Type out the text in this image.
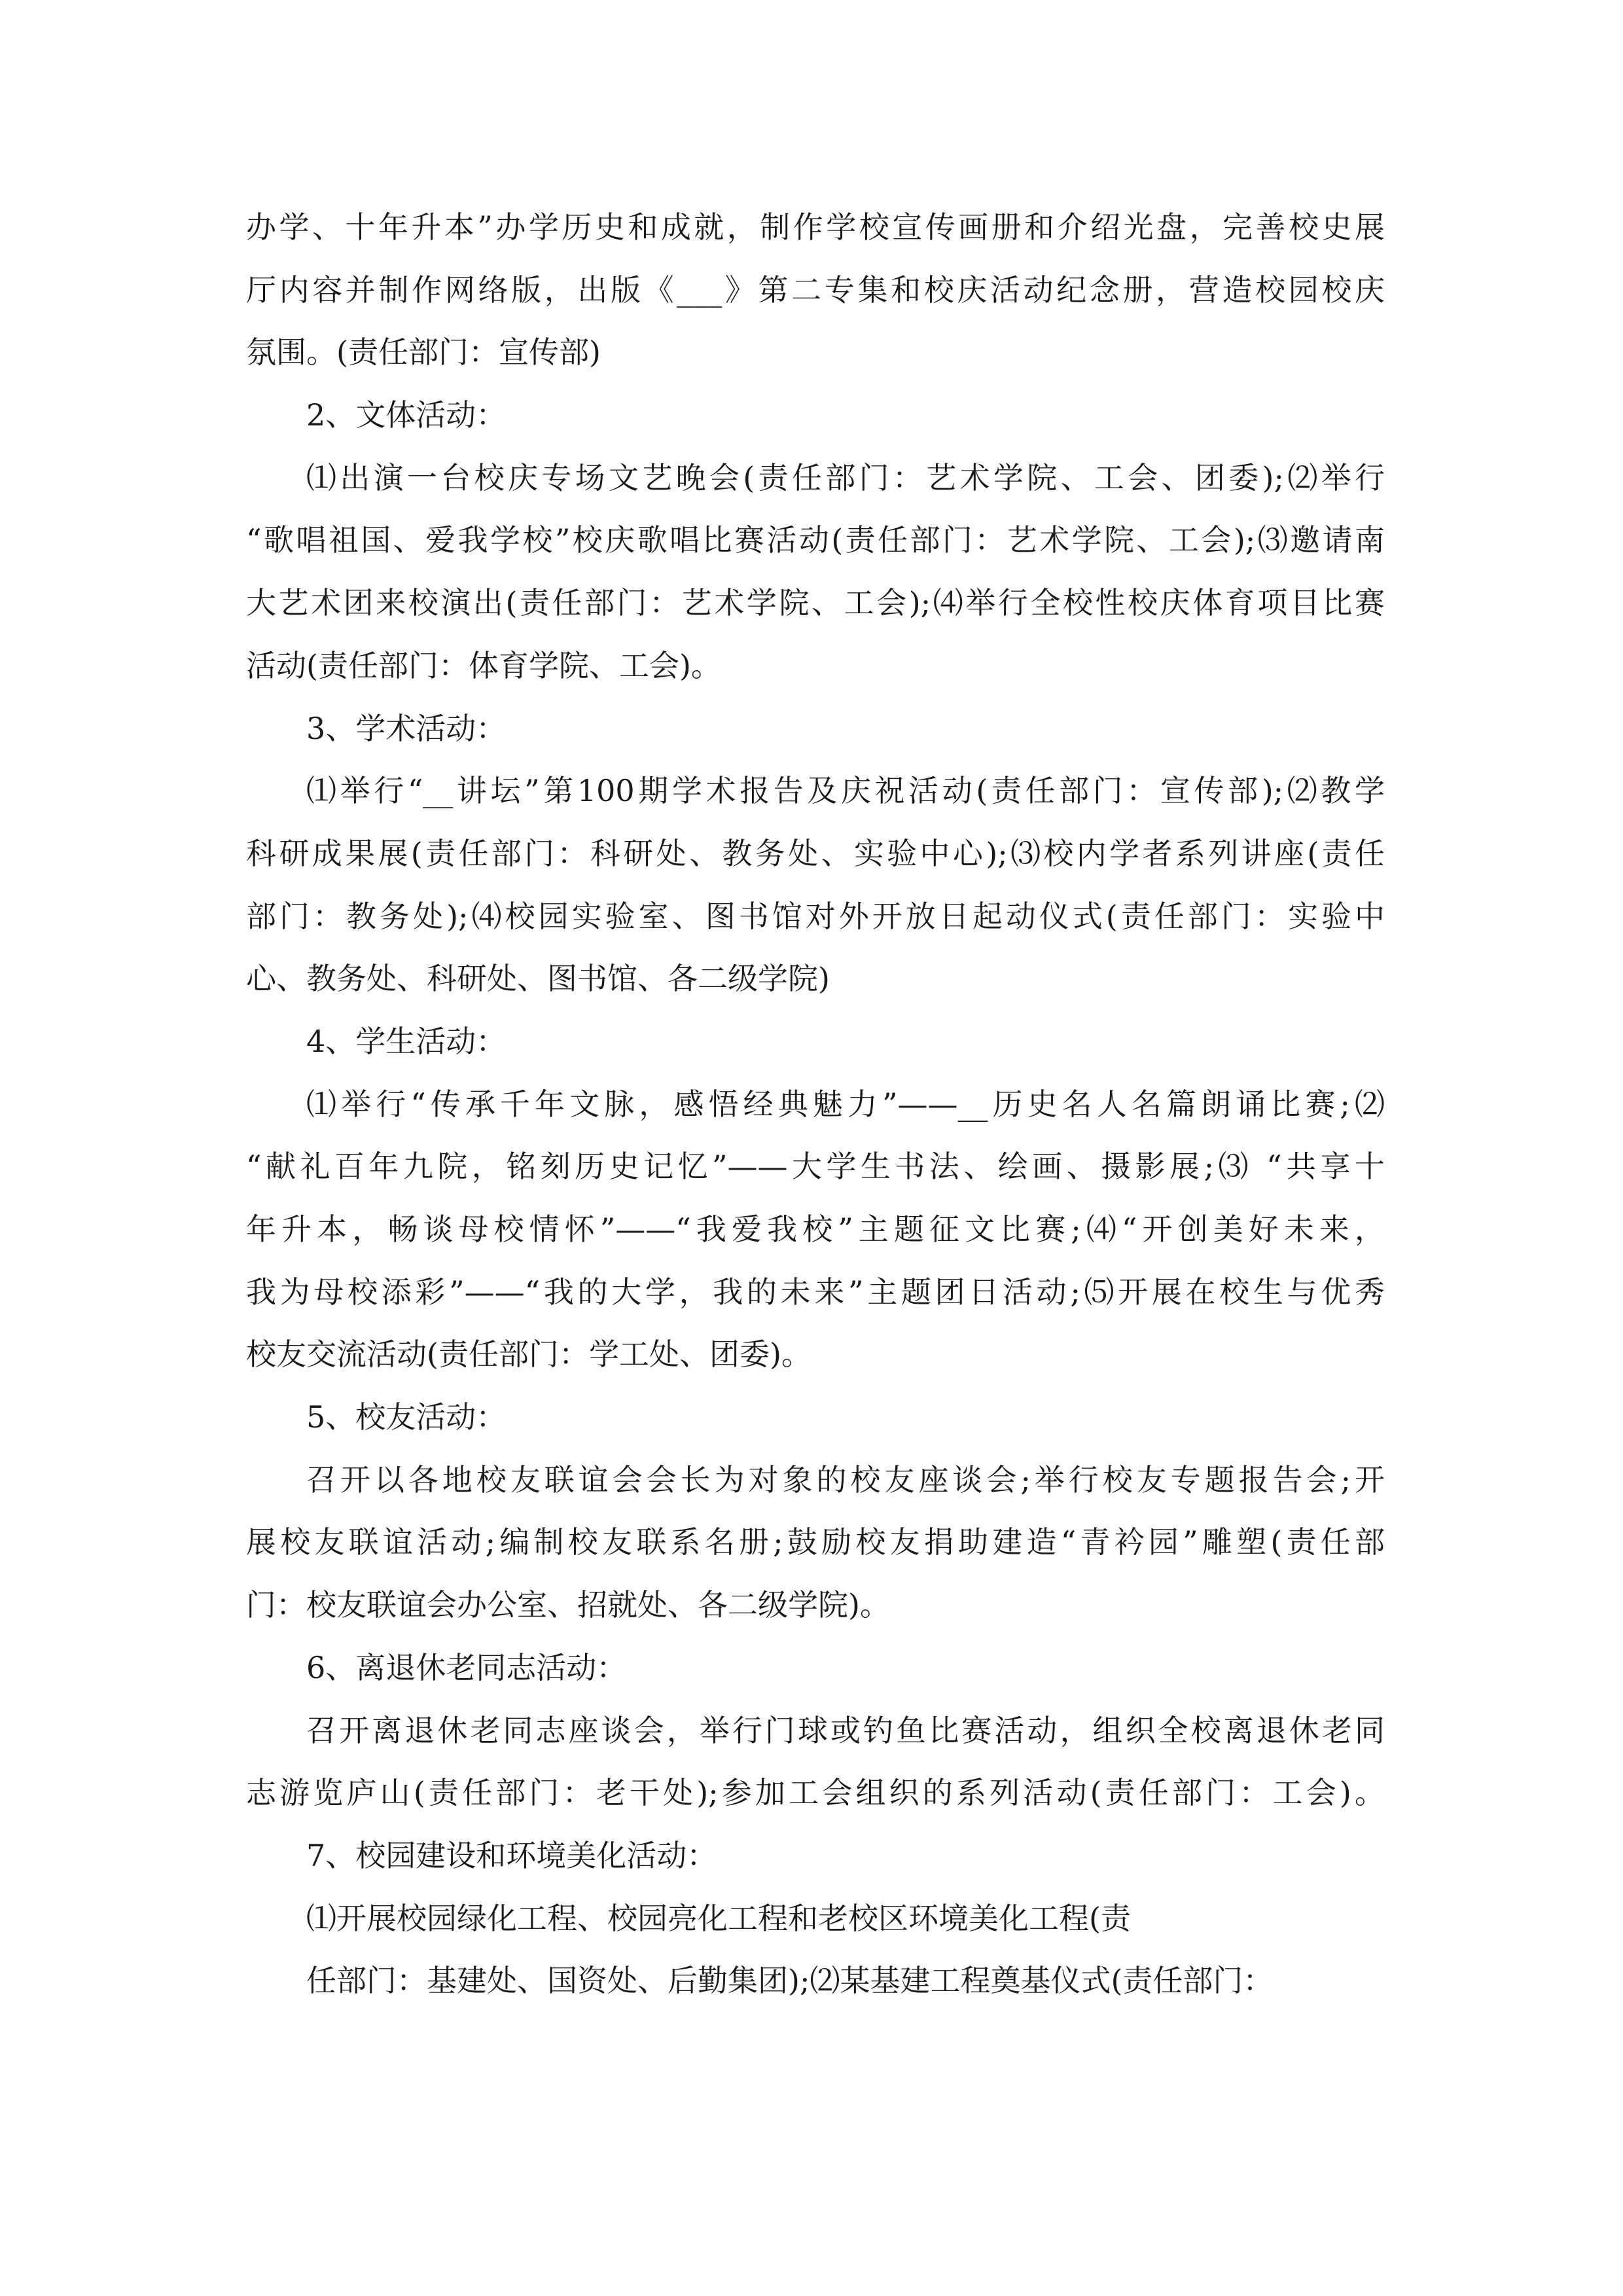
办学、十年升本”办学历史和成就，制作学校宣传画册和介绍光盘，完善校史展
厅内容并制作网络版，出版《___》第二专集和校庆活动纪念册，营造校园校庆
氛围。(责任部门：宣传部)
2、文体活动：
⑴出演一台校庆专场文艺晚会(责任部门：艺术学院、工会、团委);⑵举行
“歌唱祖国、爱我学校”校庆歌唱比赛活动(责任部门：艺术学院、工会);⑶邀请南
大艺术团来校演出(责任部门：艺术学院、工会);⑷举行全校性校庆体育项目比赛
活动(责任部门：体育学院、工会)。
3、学术活动：
⑴举行“__讲坛”第100期学术报告及庆祝活动(责任部门：宣传部);⑵教学
科研成果展(责任部门：科研处、教务处、实验中心);⑶校内学者系列讲座(责任
部门：教务处);⑷校园实验室、图书馆对外开放日起动仪式(责任部门：实验中
心、教务处、科研处、图书馆、各二级学院)
4、学生活动：
⑴举行“传承千年文脉，感悟经典魅力”——__历史名人名篇朗诵比赛;⑵
“献礼百年九院，铭刻历史记忆”——大学生书法、绘画、摄影展;⑶ “共享十
年升本，畅谈母校情怀”——“我爱我校”主题征文比赛;⑷“开创美好未来，
我为母校添彩”——“我的大学，我的未来”主题团日活动;⑸开展在校生与优秀
校友交流活动(责任部门：学工处、团委)。
5、校友活动：
召开以各地校友联谊会会长为对象的校友座谈会;举行校友专题报告会;开
展校友联谊活动;编制校友联系名册;鼓励校友捐助建造“青衿园”雕塑(责任部
门：校友联谊会办公室、招就处、各二级学院)。
6、离退休老同志活动：
召开离退休老同志座谈会，举行门球或钓鱼比赛活动，组织全校离退休老同
志游览庐山(责任部门：老干处);参加工会组织的系列活动(责任部门：工会)。
7、校园建设和环境美化活动：
⑴开展校园绿化工程、校园亮化工程和老校区环境美化工程(责
任部门：基建处、国资处、后勤集团);⑵某基建工程奠基仪式(责任部门：
